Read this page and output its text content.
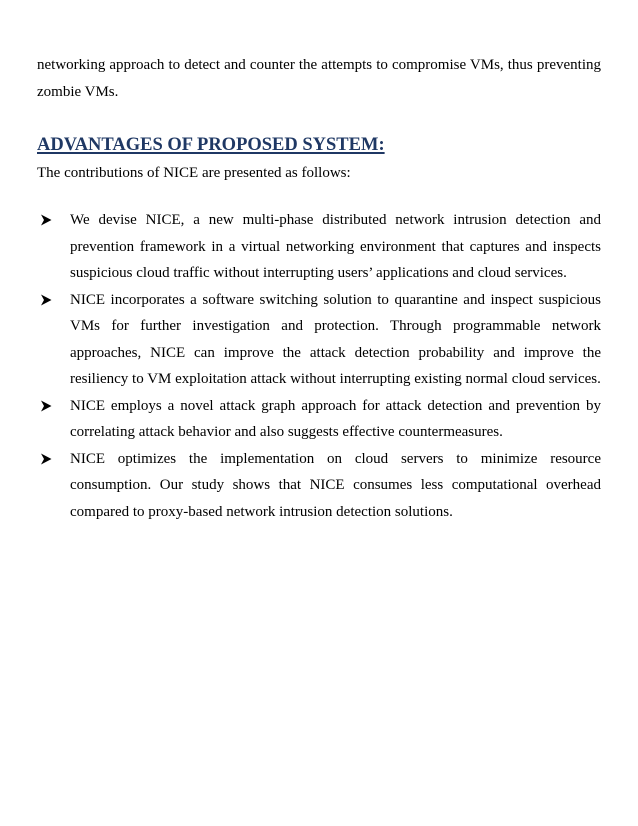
networking approach to detect and counter the attempts to compromise VMs, thus preventing zombie VMs.

ADVANTAGES OF PROPOSED SYSTEM:

The contributions of NICE are presented as follows:

We devise NICE, a new multi-phase distributed network intrusion detection and prevention framework in a virtual networking environment that captures and inspects suspicious cloud traffic without interrupting users’ applications and cloud services.
NICE incorporates a software switching solution to quarantine and inspect suspicious VMs for further investigation and protection. Through programmable network approaches, NICE can improve the attack detection probability and improve the resiliency to VM exploitation attack without interrupting existing normal cloud services.
NICE employs a novel attack graph approach for attack detection and prevention by correlating attack behavior and also suggests effective countermeasures.
NICE optimizes the implementation on cloud servers to minimize resource consumption. Our study shows that NICE consumes less computational overhead compared to proxy-based network intrusion detection solutions.
